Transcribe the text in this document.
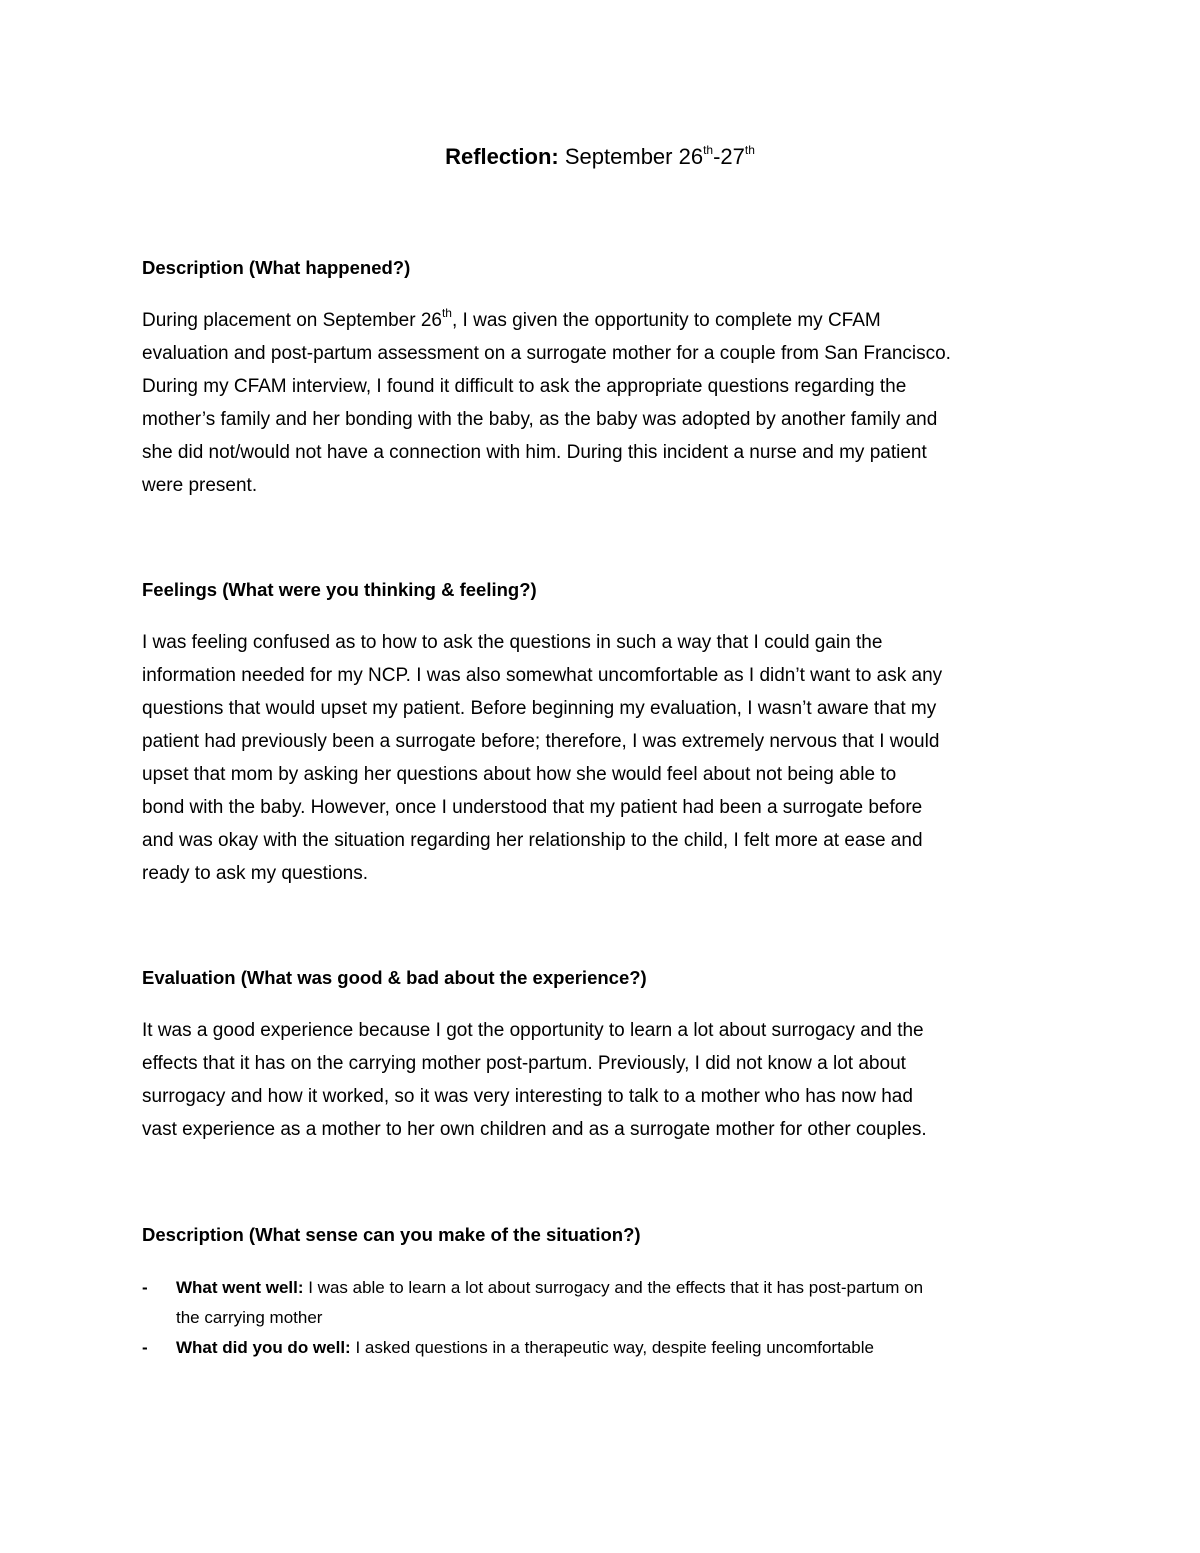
Reflection: September 26th-27th
Description (What happened?)
During placement on September 26th, I was given the opportunity to complete my CFAM
evaluation and post-partum assessment on a surrogate mother for a couple from San Francisco.
During my CFAM interview, I found it difficult to ask the appropriate questions regarding the
mother’s family and her bonding with the baby, as the baby was adopted by another family and
she did not/would not have a connection with him. During this incident a nurse and my patient
were present.
Feelings (What were you thinking & feeling?)
I was feeling confused as to how to ask the questions in such a way that I could gain the
information needed for my NCP. I was also somewhat uncomfortable as I didn’t want to ask any
questions that would upset my patient. Before beginning my evaluation, I wasn’t aware that my
patient had previously been a surrogate before; therefore, I was extremely nervous that I would
upset that mom by asking her questions about how she would feel about not being able to
bond with the baby. However, once I understood that my patient had been a surrogate before
and was okay with the situation regarding her relationship to the child, I felt more at ease and
ready to ask my questions.
Evaluation (What was good & bad about the experience?)
It was a good experience because I got the opportunity to learn a lot about surrogacy and the
effects that it has on the carrying mother post-partum. Previously, I did not know a lot about
surrogacy and how it worked, so it was very interesting to talk to a mother who has now had
vast experience as a mother to her own children and as a surrogate mother for other couples.
Description (What sense can you make of the situation?)
- What went well: I was able to learn a lot about surrogacy and the effects that it has post-partum on
the carrying mother
- What did you do well: I asked questions in a therapeutic way, despite feeling uncomfortable
